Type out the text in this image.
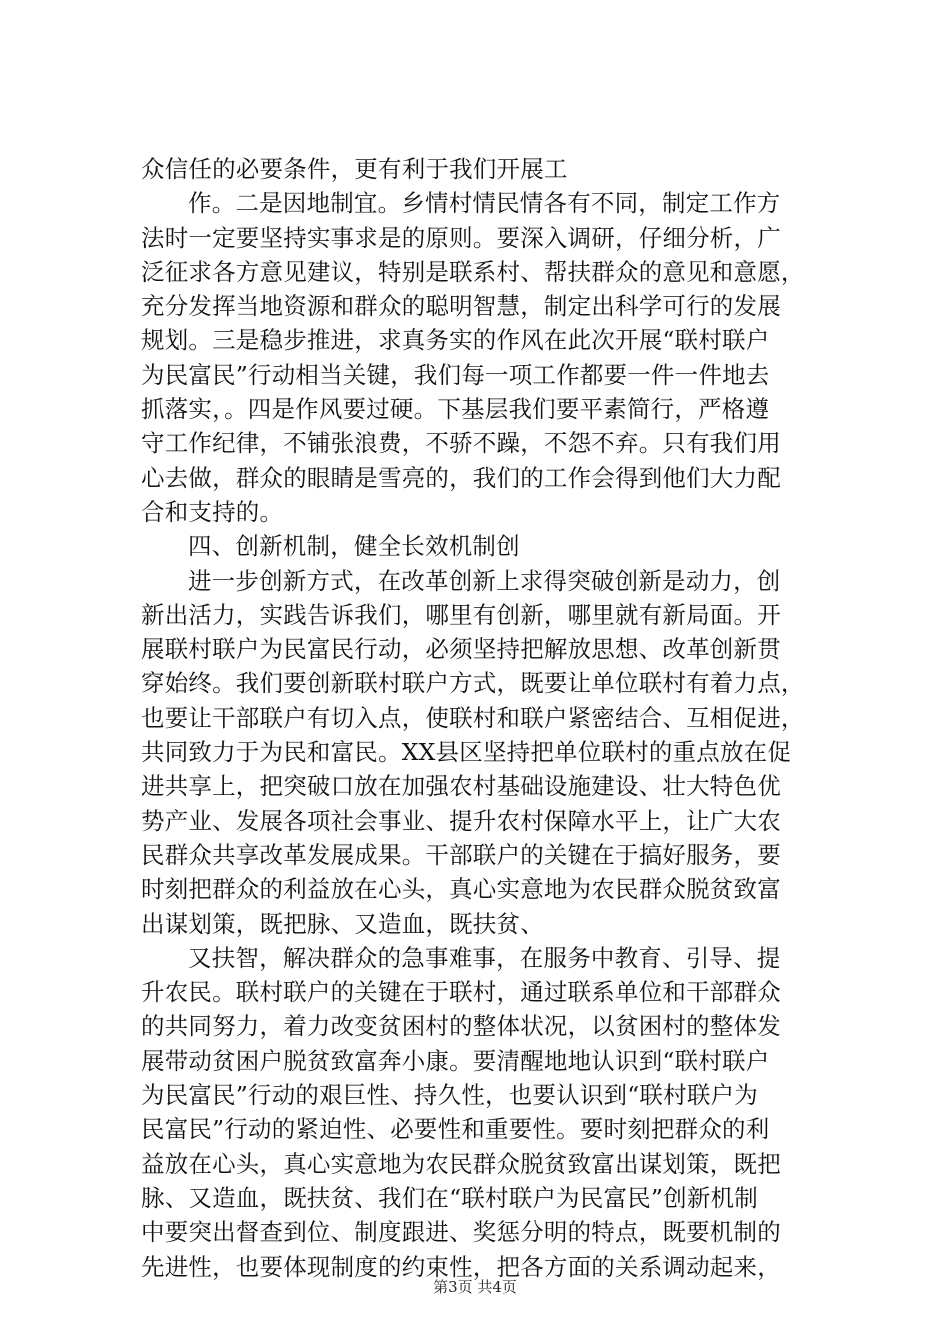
众信任的必要条件，更有利于我们开展工
作。二是因地制宜。乡情村情民情各有不同，制定工作方
法时一定要坚持实事求是的原则。要深入调研，仔细分析，广
泛征求各方意见建议，特别是联系村、帮扶群众的意见和意愿，
充分发挥当地资源和群众的聪明智慧，制定出科学可行的发展
规划。三是稳步推进，求真务实的作风在此次开展“联村联户
为民富民”行动相当关键，我们每一项工作都要一件一件地去
抓落实，。四是作风要过硬。下基层我们要平素简行，严格遵
守工作纪律，不铺张浪费，不骄不躁，不怨不弃。只有我们用
心去做，群众的眼睛是雪亮的，我们的工作会得到他们大力配
合和支持的。
四、创新机制，健全长效机制创
进一步创新方式，在改革创新上求得突破创新是动力，创
新出活力，实践告诉我们，哪里有创新，哪里就有新局面。开
展联村联户为民富民行动，必须坚持把解放思想、改革创新贯
穿始终。我们要创新联村联户方式，既要让单位联村有着力点，
也要让干部联户有切入点，使联村和联户紧密结合、互相促进，
共同致力于为民和富民。XX县区坚持把单位联村的重点放在促
进共享上，把突破口放在加强农村基础设施建设、壮大特色优
势产业、发展各项社会事业、提升农村保障水平上，让广大农
民群众共享改革发展成果。干部联户的关键在于搞好服务，要
时刻把群众的利益放在心头，真心实意地为农民群众脱贫致富
出谋划策，既把脉、又造血，既扶贫、
又扶智，解决群众的急事难事，在服务中教育、引导、提
升农民。联村联户的关键在于联村，通过联系单位和干部群众
的共同努力，着力改变贫困村的整体状况，以贫困村的整体发
展带动贫困户脱贫致富奔小康。要清醒地地认识到“联村联户
为民富民”行动的艰巨性、持久性，也要认识到“联村联户为
民富民”行动的紧迫性、必要性和重要性。要时刻把群众的利
益放在心头，真心实意地为农民群众脱贫致富出谋划策，既把
脉、又造血，既扶贫、我们在“联村联户为民富民”创新机制
中要突出督查到位、制度跟进、奖惩分明的特点，既要机制的
先进性，也要体现制度的约束性，把各方面的关系调动起来，
第3页 共4页
